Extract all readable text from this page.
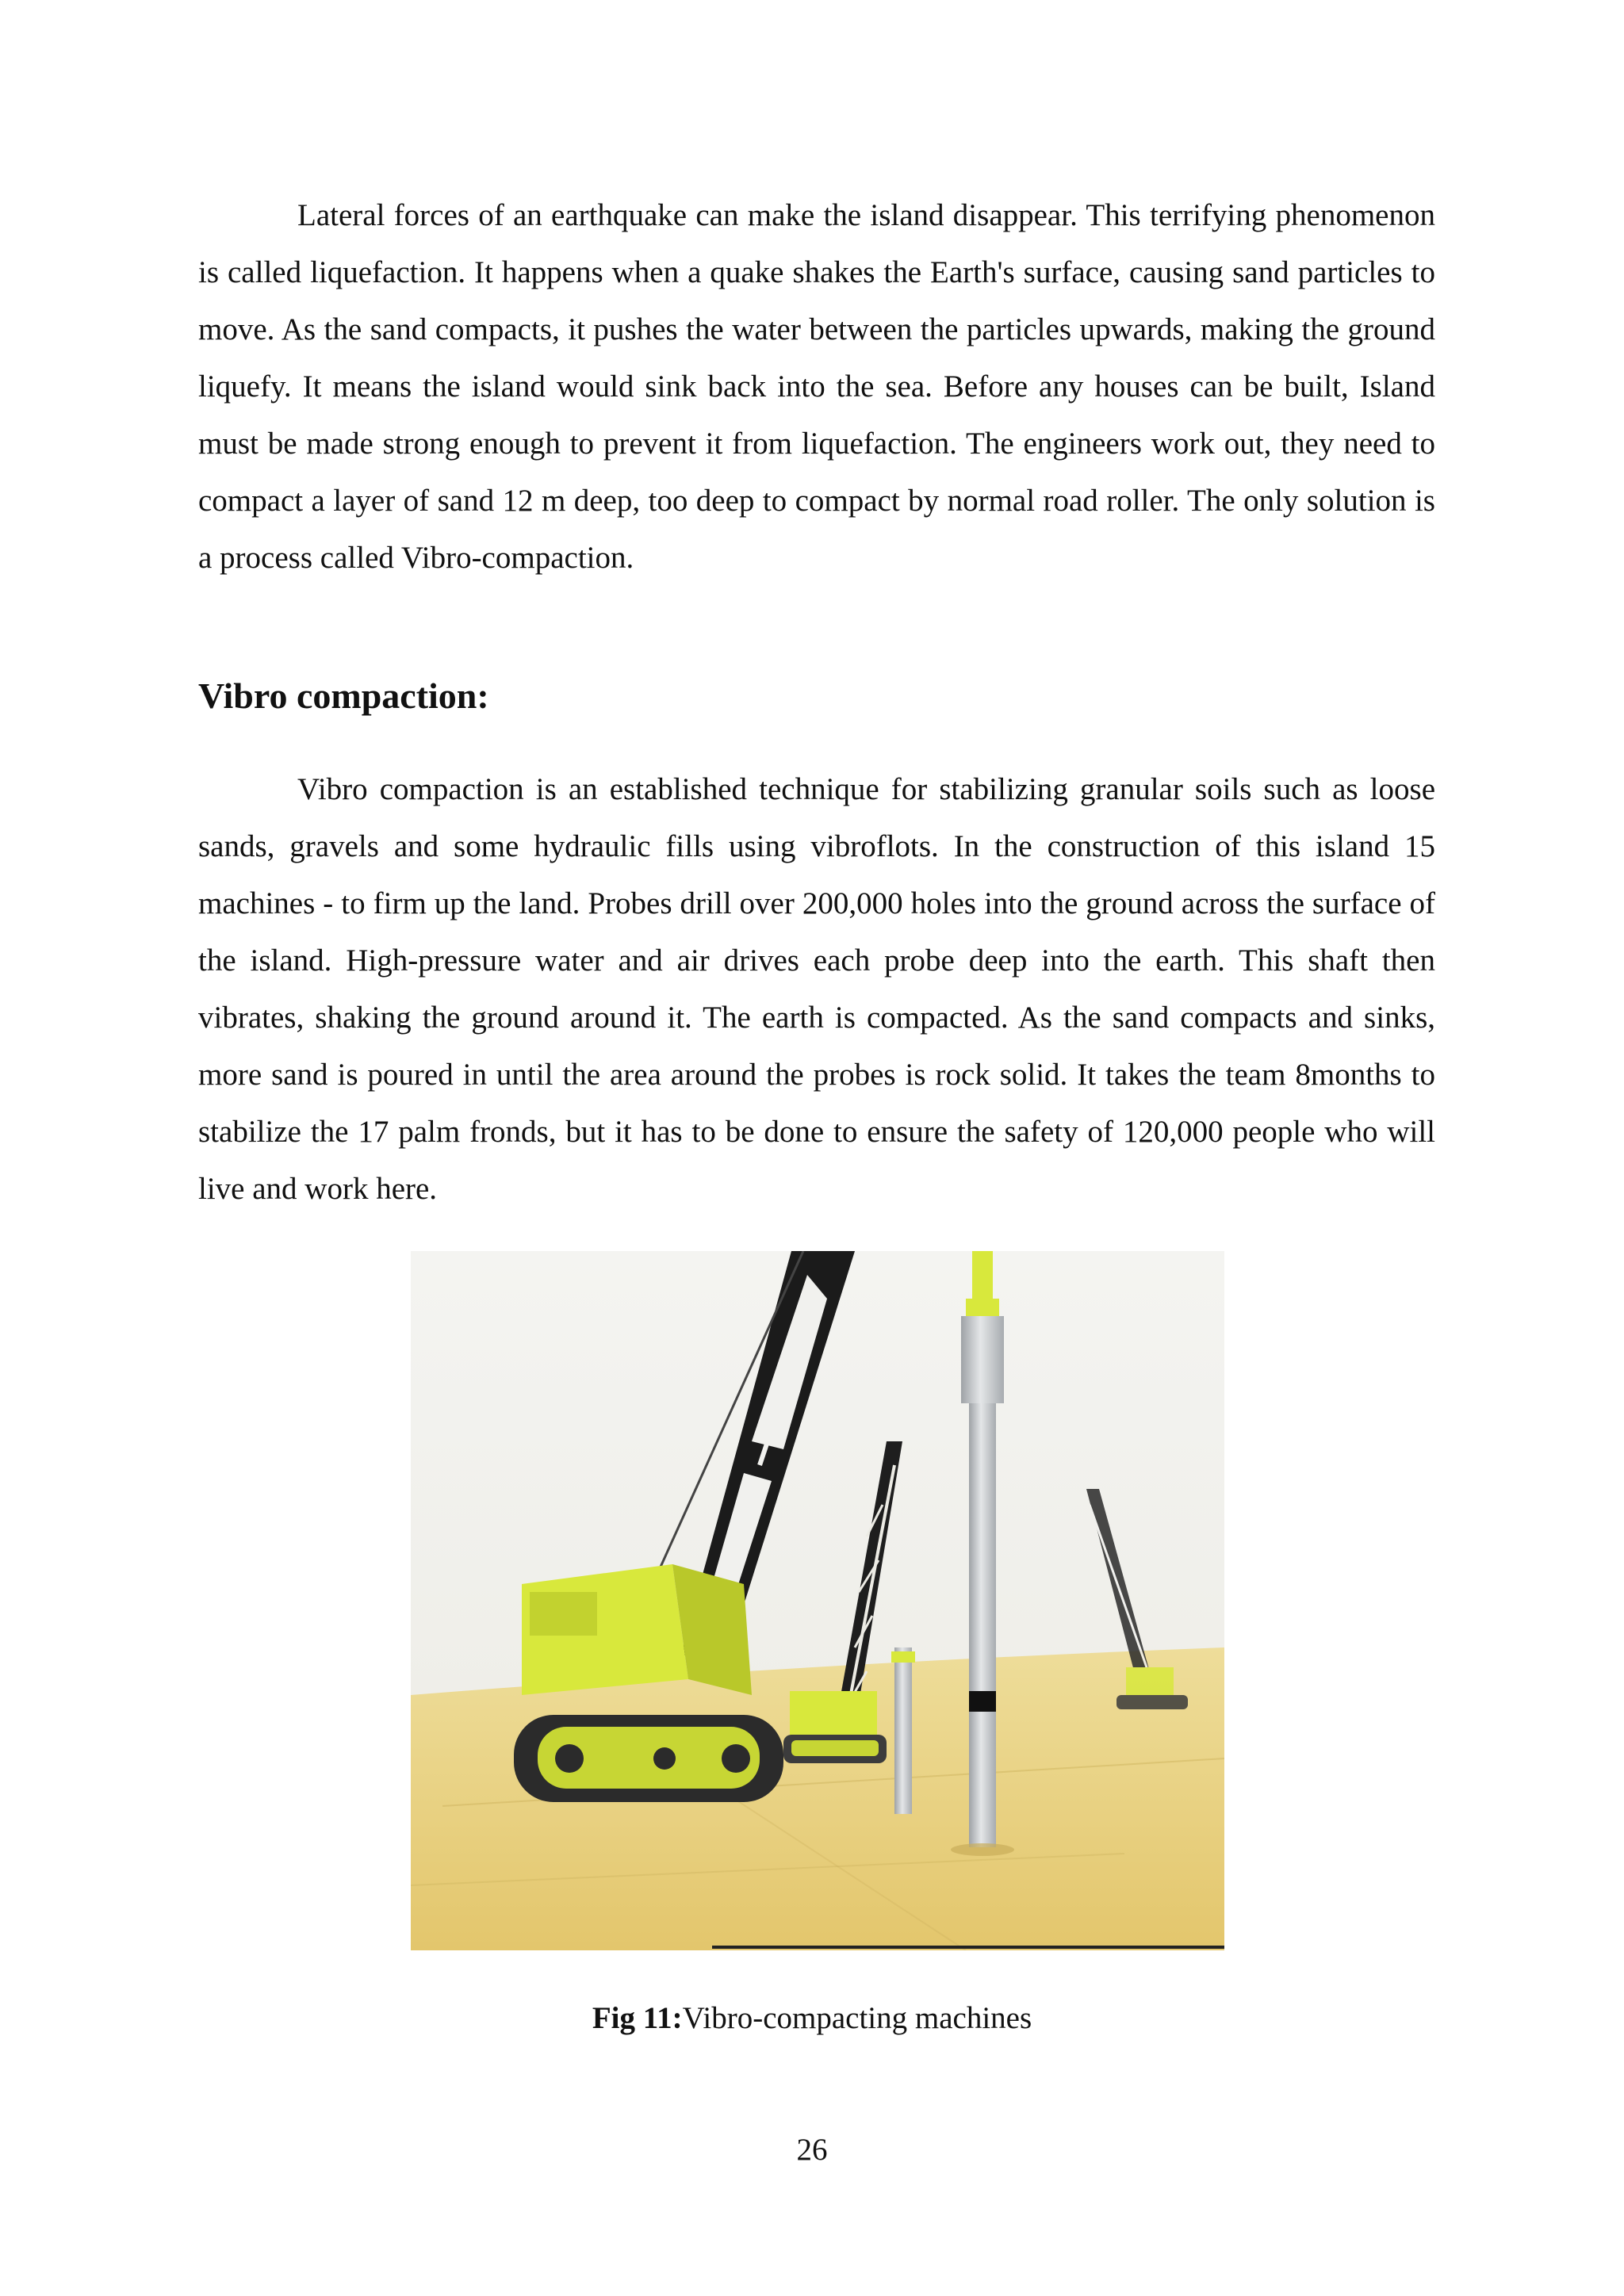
Lateral forces of an earthquake can make the island disappear. This terrifying phenomenon is called liquefaction. It happens when a quake shakes the Earth's surface, causing sand particles to move. As the sand compacts, it pushes the water between the particles upwards, making the ground liquefy. It means the island would sink back into the sea. Before any houses can be built, Island must be made strong enough to prevent it from liquefaction. The engineers work out, they need to compact a layer of sand 12 m deep, too deep to compact by normal road roller. The only solution is a process called Vibro-compaction.

Vibro compaction:

Vibro compaction is an established technique for stabilizing granular soils such as loose sands, gravels and some hydraulic fills using vibroflots. In the construction of this island 15 machines - to firm up the land. Probes drill over 200,000 holes into the ground across the surface of the island. High-pressure water and air drives each probe deep into the earth. This shaft then vibrates, shaking the ground around it. The earth is compacted. As the sand compacts and sinks, more sand is poured in until the area around the probes is rock solid. It takes the team 8months to stabilize the 17 palm fronds, but it has to be done to ensure the safety of 120,000 people who will live and work here.

Fig 11:Vibro-compacting machines
26
